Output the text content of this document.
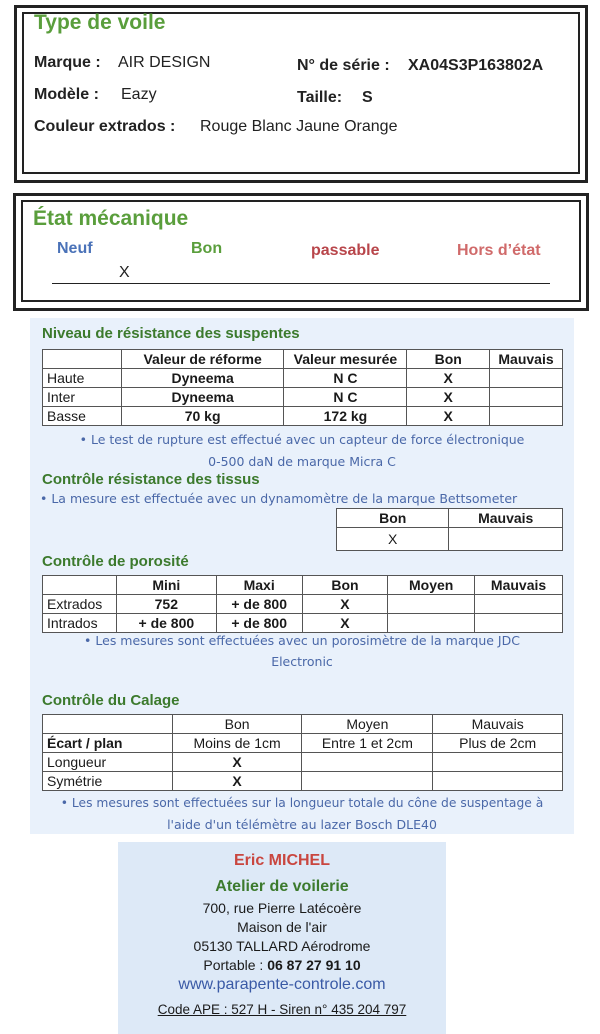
Type de voile
Marque : AIR DESIGN	N° de série : XA04S3P163802A
Modèle : Eazy	Taille: S
Couleur extrados : Rouge Blanc Jaune Orange
État mécanique
Neuf	Bon	passable	Hors d’état
X
Niveau de résistance des suspentes
	Valeur de réforme	Valeur mesurée	Bon	Mauvais
Haute	Dyneema	N C	X	
Inter	Dyneema	N C	X	
Basse	70 kg	172 kg	X	
• Le test de rupture est effectué avec un capteur de force électronique
0-500 daN de marque Micra C
Contrôle résistance des tissus
• La mesure est effectuée avec un dynamomètre de la marque Bettsometer
Bon	Mauvais
X	
Contrôle de porosité
	Mini	Maxi	Bon	Moyen	Mauvais
Extrados	752	+ de 800	X		
Intrados	+ de 800	+ de 800	X		
• Les mesures sont effectuées avec un porosimètre de la marque JDC
Electronic
Contrôle du Calage
	Bon	Moyen	Mauvais
Écart / plan	Moins de 1cm	Entre 1 et 2cm	Plus de 2cm
Longueur	X		
Symétrie	X		
• Les mesures sont effectuées sur la longueur totale du cône de suspentage à
l'aide d'un télémètre au lazer Bosch DLE40
Eric MICHEL
Atelier de voilerie
700, rue Pierre Latécoère
Maison de l'air
05130 TALLARD Aérodrome
Portable : 06 87 27 91 10
www.parapente-controle.com
Code APE : 527 H - Siren n° 435 204 797
